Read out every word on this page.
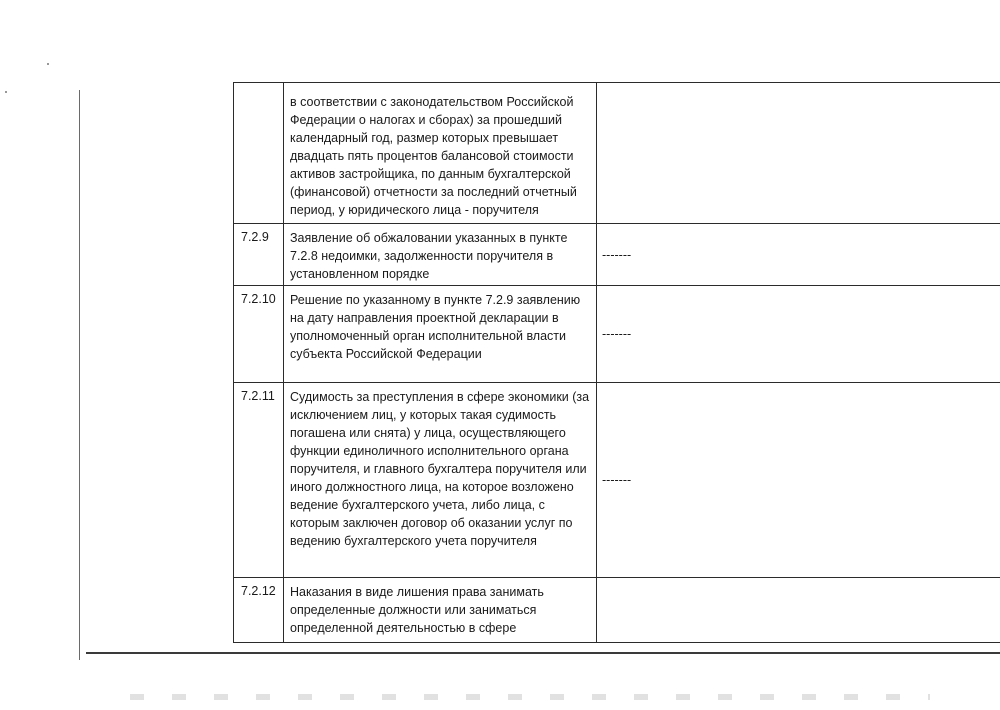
	в соответствии с законодательством Российской Федерации о налогах и сборах) за прошедший календарный год, размер которых превышает двадцать пять процентов балансовой стоимости активов застройщика, по данным бухгалтерской (финансовой) отчетности за последний отчетный период, у юридического лица - поручителя	

7.2.9	Заявление об обжаловании указанных в пункте 7.2.8 недоимки, задолженности поручителя в установленном порядке	-------

7.2.10	Решение по указанному в пункте 7.2.9 заявлению на дату направления проектной декларации в уполномоченный орган исполнительной власти субъекта Российской Федерации	-------

7.2.11	Судимость за преступления в сфере экономики (за исключением лиц, у которых такая судимость погашена или снята) у лица, осуществляющего функции единоличного исполнительного органа поручителя, и главного бухгалтера поручителя или иного должностного лица, на которое возложено ведение бухгалтерского учета, либо лица, с которым заключен договор об оказании услуг по ведению бухгалтерского учета поручителя	-------

7.2.12	Наказания в виде лишения права занимать определенные должности или заниматься определенной деятельностью в сфере	
